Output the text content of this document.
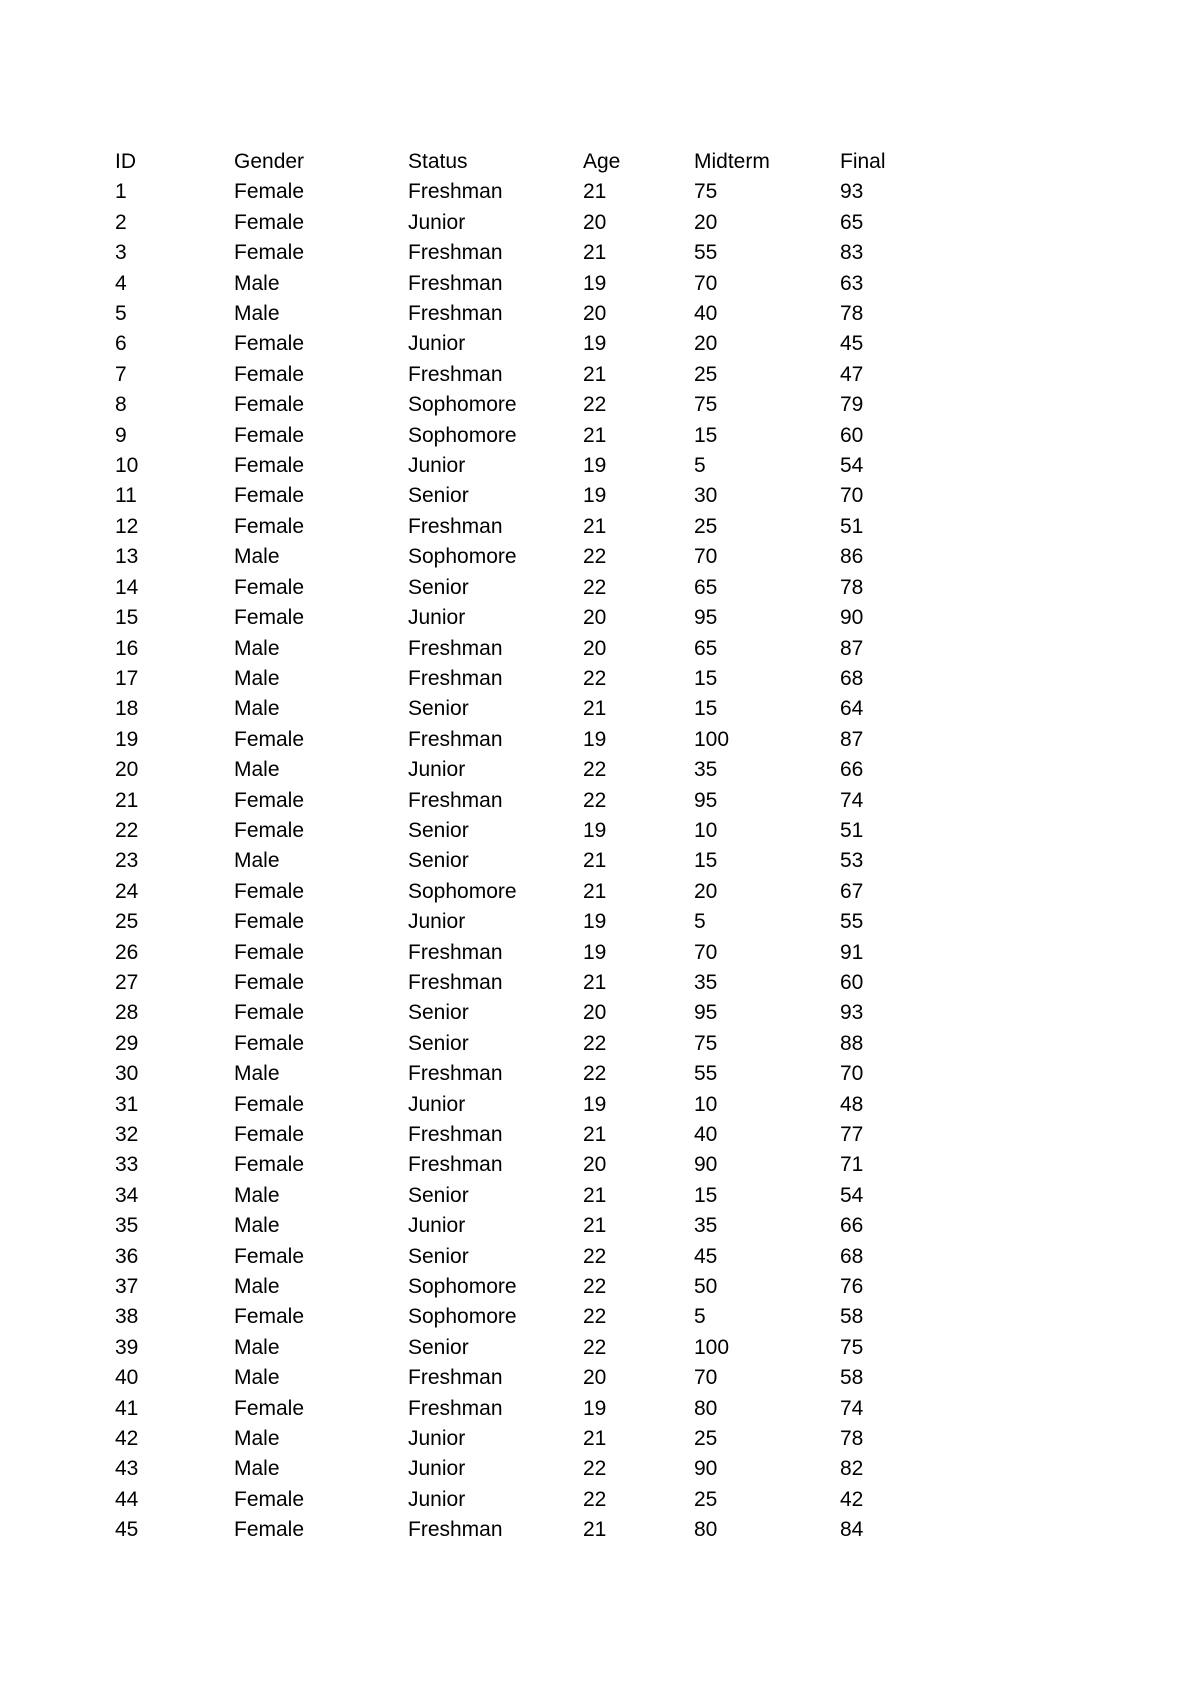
ID	Gender	Status	Age	Midterm	Final
1	Female	Freshman	21	75	93
2	Female	Junior	20	20	65
3	Female	Freshman	21	55	83
4	Male	Freshman	19	70	63
5	Male	Freshman	20	40	78
6	Female	Junior	19	20	45
7	Female	Freshman	21	25	47
8	Female	Sophomore	22	75	79
9	Female	Sophomore	21	15	60
10	Female	Junior	19	5	54
11	Female	Senior	19	30	70
12	Female	Freshman	21	25	51
13	Male	Sophomore	22	70	86
14	Female	Senior	22	65	78
15	Female	Junior	20	95	90
16	Male	Freshman	20	65	87
17	Male	Freshman	22	15	68
18	Male	Senior	21	15	64
19	Female	Freshman	19	100	87
20	Male	Junior	22	35	66
21	Female	Freshman	22	95	74
22	Female	Senior	19	10	51
23	Male	Senior	21	15	53
24	Female	Sophomore	21	20	67
25	Female	Junior	19	5	55
26	Female	Freshman	19	70	91
27	Female	Freshman	21	35	60
28	Female	Senior	20	95	93
29	Female	Senior	22	75	88
30	Male	Freshman	22	55	70
31	Female	Junior	19	10	48
32	Female	Freshman	21	40	77
33	Female	Freshman	20	90	71
34	Male	Senior	21	15	54
35	Male	Junior	21	35	66
36	Female	Senior	22	45	68
37	Male	Sophomore	22	50	76
38	Female	Sophomore	22	5	58
39	Male	Senior	22	100	75
40	Male	Freshman	20	70	58
41	Female	Freshman	19	80	74
42	Male	Junior	21	25	78
43	Male	Junior	22	90	82
44	Female	Junior	22	25	42
45	Female	Freshman	21	80	84
